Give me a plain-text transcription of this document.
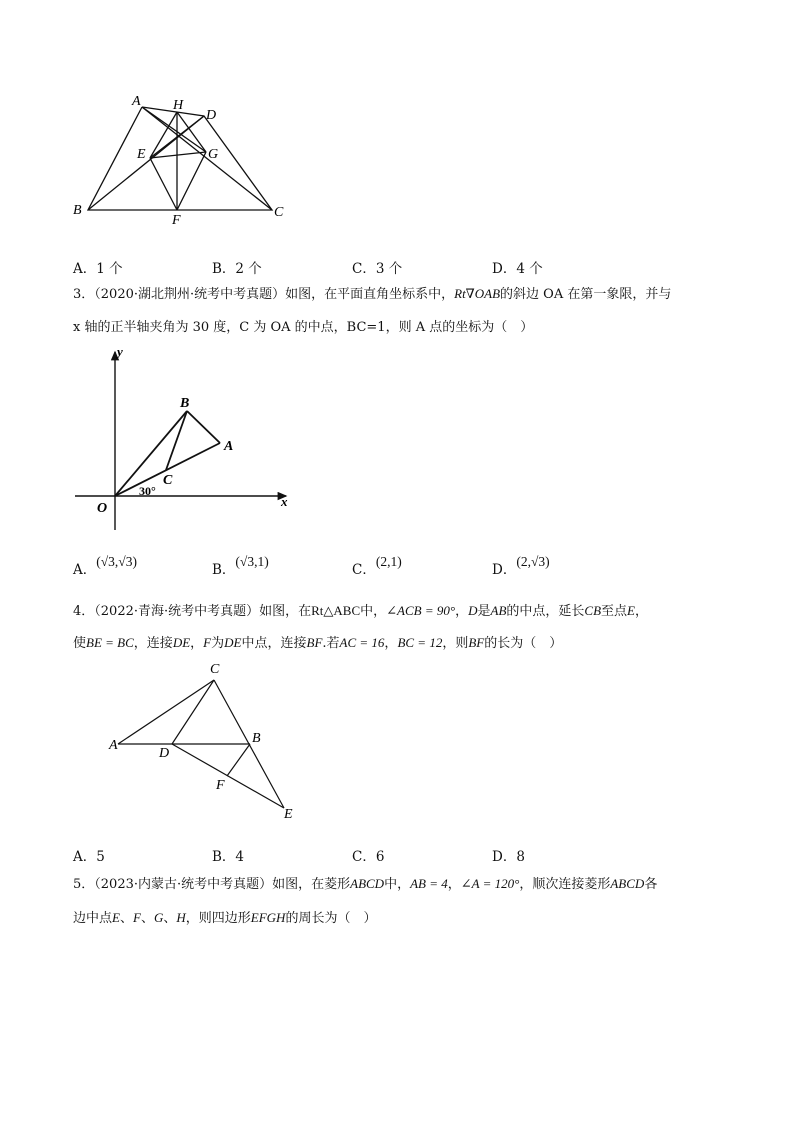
A H
D
E	G
B
F
C
A．1 个	B．2 个	C．3 个	D．4 个
3．（2020·湖北荆州·统考中考真题）如图，在平面直角坐标系中，Rt∇OAB的斜边 OA 在第一象限，并与
x 轴的正半轴夹角为 30 度，C 为 OA 的中点，BC=1，则 A 点的坐标为（　）
y
x
O
B
A
C
30°
A．(√3,√3)
B．(√3,1)
C．(2,1)
D．(2,√3)
4．（2022·青海·统考中考真题）如图，在Rt△ABC中，∠ACB = 90°，D是AB的中点，延长CB至点E，
使BE = BC，连接DE，F为DE中点，连接BF.若AC = 16，BC = 12，则BF的长为（　）
C
A
D
B
F
E
A．5	B．4	C．6	D．8
5．（2023·内蒙古·统考中考真题）如图，在菱形ABCD中，AB = 4，∠A = 120°，顺次连接菱形ABCD各
边中点E、F、G、H，则四边形EFGH的周长为（　）
